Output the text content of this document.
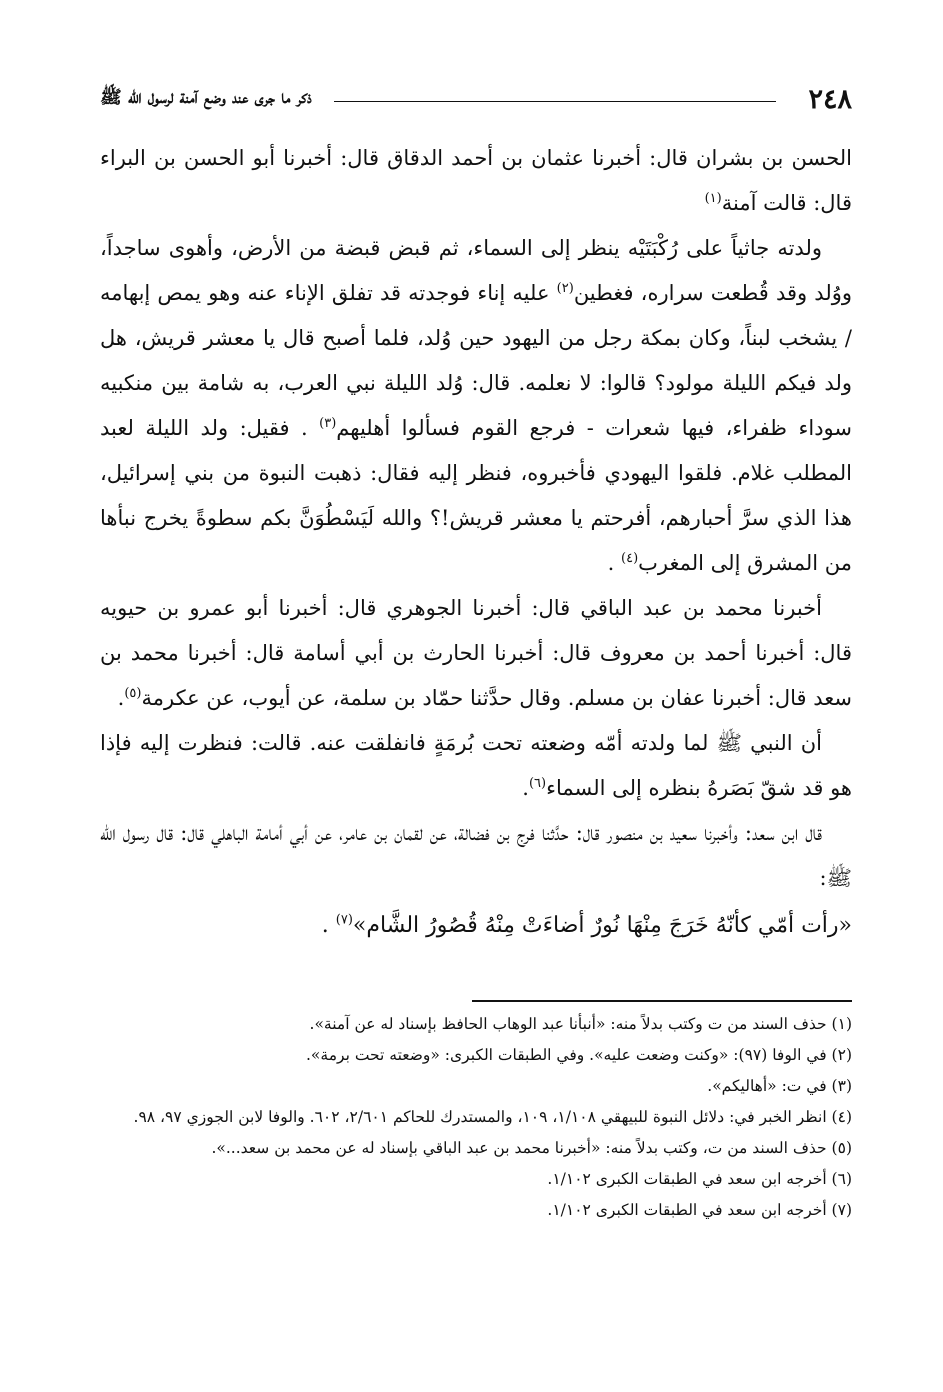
٢٤٨
ذكر ما جرى عند وضع آمنة لرسول الله ﷺ

الحسن بن بشران قال: أخبرنا عثمان بن أحمد الدقاق قال: أخبرنا أبو الحسن بن البراء قال: قالت آمنة$^{(١)}$

ولدته جاثياً على رُكْبَتَيْه ينظر إلى السماء، ثم قبض قبضة من الأرض، وأهوى ساجداً، ووُلد وقد قُطعت سراره، فغطين$^{(٢)}$ عليه إناء فوجدته قد تفلق الإناء عنه وهو يمص إبهامه / يشخب لبناً، وكان بمكة رجل من اليهود حين وُلد، فلما أصبح قال يا معشر قريش، هل ولد فيكم الليلة مولود؟ قالوا: لا نعلمه. قال: وُلد الليلة نبي العرب، به شامة بين منكبيه سوداء ظفراء، فيها شعرات - فرجع القوم فسألوا أهليهم$^{(٣)}$ . فقيل: ولد الليلة لعبد المطلب غلام. فلقوا اليهودي فأخبروه، فنظر إليه فقال: ذهبت النبوة من بني إسرائيل، هذا الذي سرَّ أحبارهم، أفرحتم يا معشر قريش!؟ والله لَيَسْطُوَنَّ بكم سطوةً يخرج نبأها من المشرق إلى المغرب$^{(٤)}$ .

أخبرنا محمد بن عبد الباقي قال: أخبرنا الجوهري قال: أخبرنا أبو عمرو بن حيويه قال: أخبرنا أحمد بن معروف قال: أخبرنا الحارث بن أبي أسامة قال: أخبرنا محمد بن سعد قال: أخبرنا عفان بن مسلم. وقال حدَّثنا حمّاد بن سلمة، عن أيوب، عن عكرمة$^{(٥)}$.

أن النبي ﷺ لما ولدته أمّه وضعته تحت بُرمَةٍ فانفلقت عنه. قالت: فنظرت إليه فإذا هو قد شقّ بَصَرهُ بنظره إلى السماء$^{(٦)}$.

قال ابن سعد: وأخبرنا سعيد بن منصور قال: حدَّثنا فرج بن فضالة، عن لقمان بن عامر، عن أبي أمامة الباهلي قال: قال رسول الله ﷺ:

«رأت أمّي كأنّهُ خَرَجَ مِنْهَا نُورٌ أضاءَتْ مِنْهُ قُصُورُ الشَّام»$^{(٧)}$ .

(١) حذف السند من ت وكتب بدلاً منه: «أنبأنا عبد الوهاب الحافظ بإسناد له عن آمنة».

(٢) في الوفا (٩٧): «وكنت وضعت عليه». وفي الطبقات الكبرى: «وضعته تحت برمة».

(٣) في ت: «أهاليكم».

(٤) انظر الخبر في: دلائل النبوة للبيهقي ١/١٠٨، ١٠٩، والمستدرك للحاكم ٢/٦٠١، ٦٠٢. والوفا لابن الجوزي ٩٧، ٩٨.

(٥) حذف السند من ت، وكتب بدلاً منه: «أخبرنا محمد بن عبد الباقي بإسناد له عن محمد بن سعد...».

(٦) أخرجه ابن سعد في الطبقات الكبرى ١/١٠٢.

(٧) أخرجه ابن سعد في الطبقات الكبرى ١/١٠٢.
